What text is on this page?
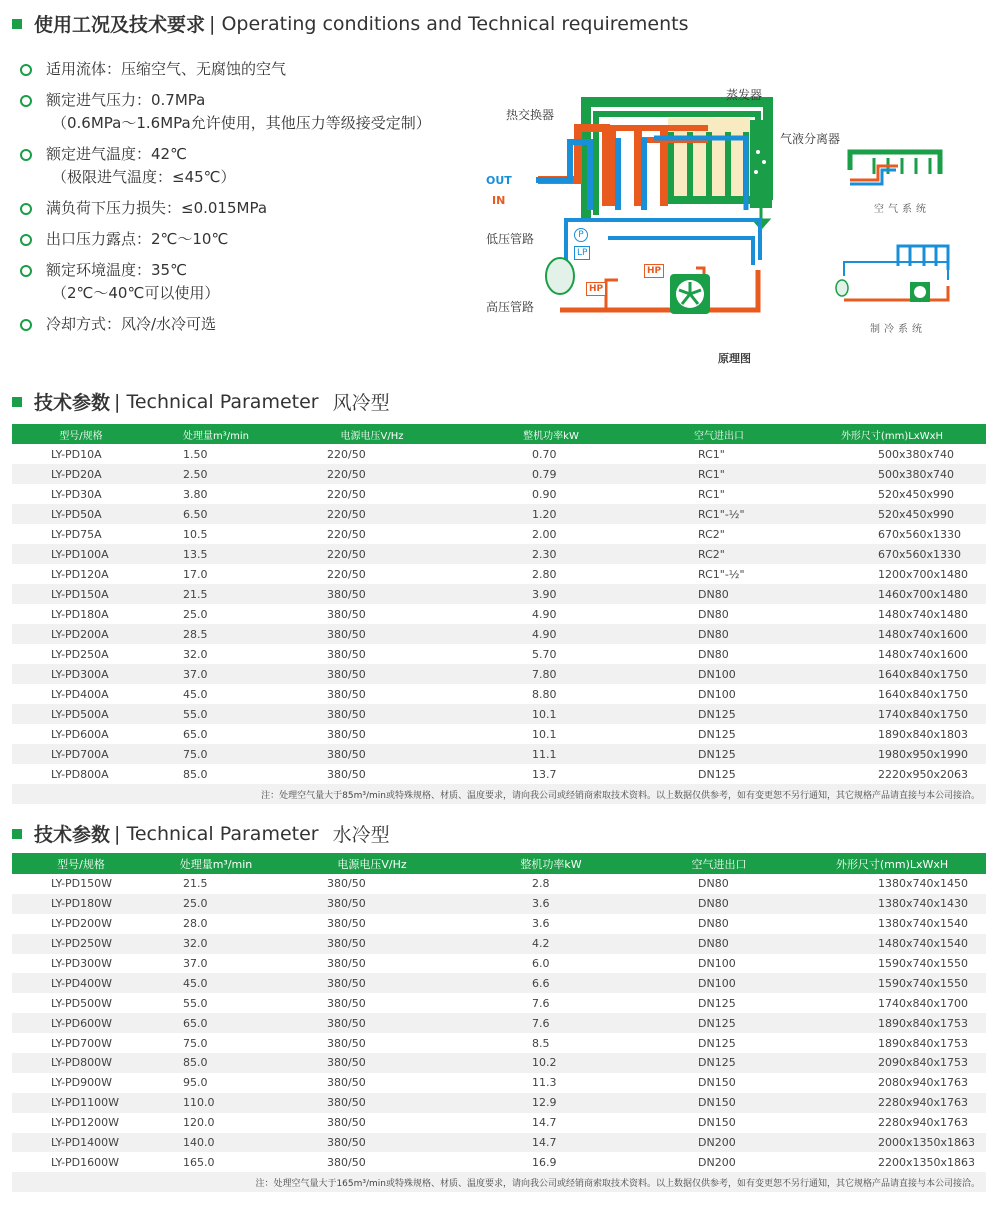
使用工况及技术要求 | Operating conditions and Technical requirements
适用流体：压缩空气、无腐蚀的空气
额定进气压力：0.7MPa
（0.6MPa～1.6MPa允许使用，其他压力等级接受定制）
额定进气温度：42℃
（极限进气温度：≤45℃）
满负荷下压力损失：≤0.015MPa
出口压力露点：2℃～10℃
额定环境温度：35℃
（2℃～40℃可以使用）
冷却方式：风冷/水冷可选
蒸发器
热交换器
气液分离器
OUT
IN
低压管路
高压管路
P
LP
HP
HP
空气系统
制冷系统
原理图
技术参数 | Technical Parameter 风冷型
型号/规格	处理量m³/min	电源电压V/Hz	整机功率kW	空气进出口	外形尺寸(mm)LxWxH
LY-PD10A	1.50	220/50	0.70	RC1"	500x380x740
LY-PD20A	2.50	220/50	0.79	RC1"	500x380x740
LY-PD30A	3.80	220/50	0.90	RC1"	520x450x990
LY-PD50A	6.50	220/50	1.20	RC1"-½"	520x450x990
LY-PD75A	10.5	220/50	2.00	RC2"	670x560x1330
LY-PD100A	13.5	220/50	2.30	RC2"	670x560x1330
LY-PD120A	17.0	220/50	2.80	RC1"-½"	1200x700x1480
LY-PD150A	21.5	380/50	3.90	DN80	1460x700x1480
LY-PD180A	25.0	380/50	4.90	DN80	1480x740x1480
LY-PD200A	28.5	380/50	4.90	DN80	1480x740x1600
LY-PD250A	32.0	380/50	5.70	DN80	1480x740x1600
LY-PD300A	37.0	380/50	7.80	DN100	1640x840x1750
LY-PD400A	45.0	380/50	8.80	DN100	1640x840x1750
LY-PD500A	55.0	380/50	10.1	DN125	1740x840x1750
LY-PD600A	65.0	380/50	10.1	DN125	1890x840x1803
LY-PD700A	75.0	380/50	11.1	DN125	1980x950x1990
LY-PD800A	85.0	380/50	13.7	DN125	2220x950x2063
注：处理空气量大于85m³/min或特殊规格、材质、温度要求，请向我公司或经销商索取技术资料。以上数据仅供参考，如有变更恕不另行通知，其它规格产品请直接与本公司接洽。					
技术参数 | Technical Parameter 水冷型
型号/规格	处理量m³/min	电源电压V/Hz	整机功率kW	空气进出口	外形尺寸(mm)LxWxH
LY-PD150W	21.5	380/50	2.8	DN80	1380x740x1450
LY-PD180W	25.0	380/50	3.6	DN80	1380x740x1430
LY-PD200W	28.0	380/50	3.6	DN80	1380x740x1540
LY-PD250W	32.0	380/50	4.2	DN80	1480x740x1540
LY-PD300W	37.0	380/50	6.0	DN100	1590x740x1550
LY-PD400W	45.0	380/50	6.6	DN100	1590x740x1550
LY-PD500W	55.0	380/50	7.6	DN125	1740x840x1700
LY-PD600W	65.0	380/50	7.6	DN125	1890x840x1753
LY-PD700W	75.0	380/50	8.5	DN125	1890x840x1753
LY-PD800W	85.0	380/50	10.2	DN125	2090x840x1753
LY-PD900W	95.0	380/50	11.3	DN150	2080x940x1763
LY-PD1100W	110.0	380/50	12.9	DN150	2280x940x1763
LY-PD1200W	120.0	380/50	14.7	DN150	2280x940x1763
LY-PD1400W	140.0	380/50	14.7	DN200	2000x1350x1863
LY-PD1600W	165.0	380/50	16.9	DN200	2200x1350x1863
注：处理空气量大于165m³/min或特殊规格、材质、温度要求，请向我公司或经销商索取技术资料。以上数据仅供参考，如有变更恕不另行通知，其它规格产品请直接与本公司接洽。					
